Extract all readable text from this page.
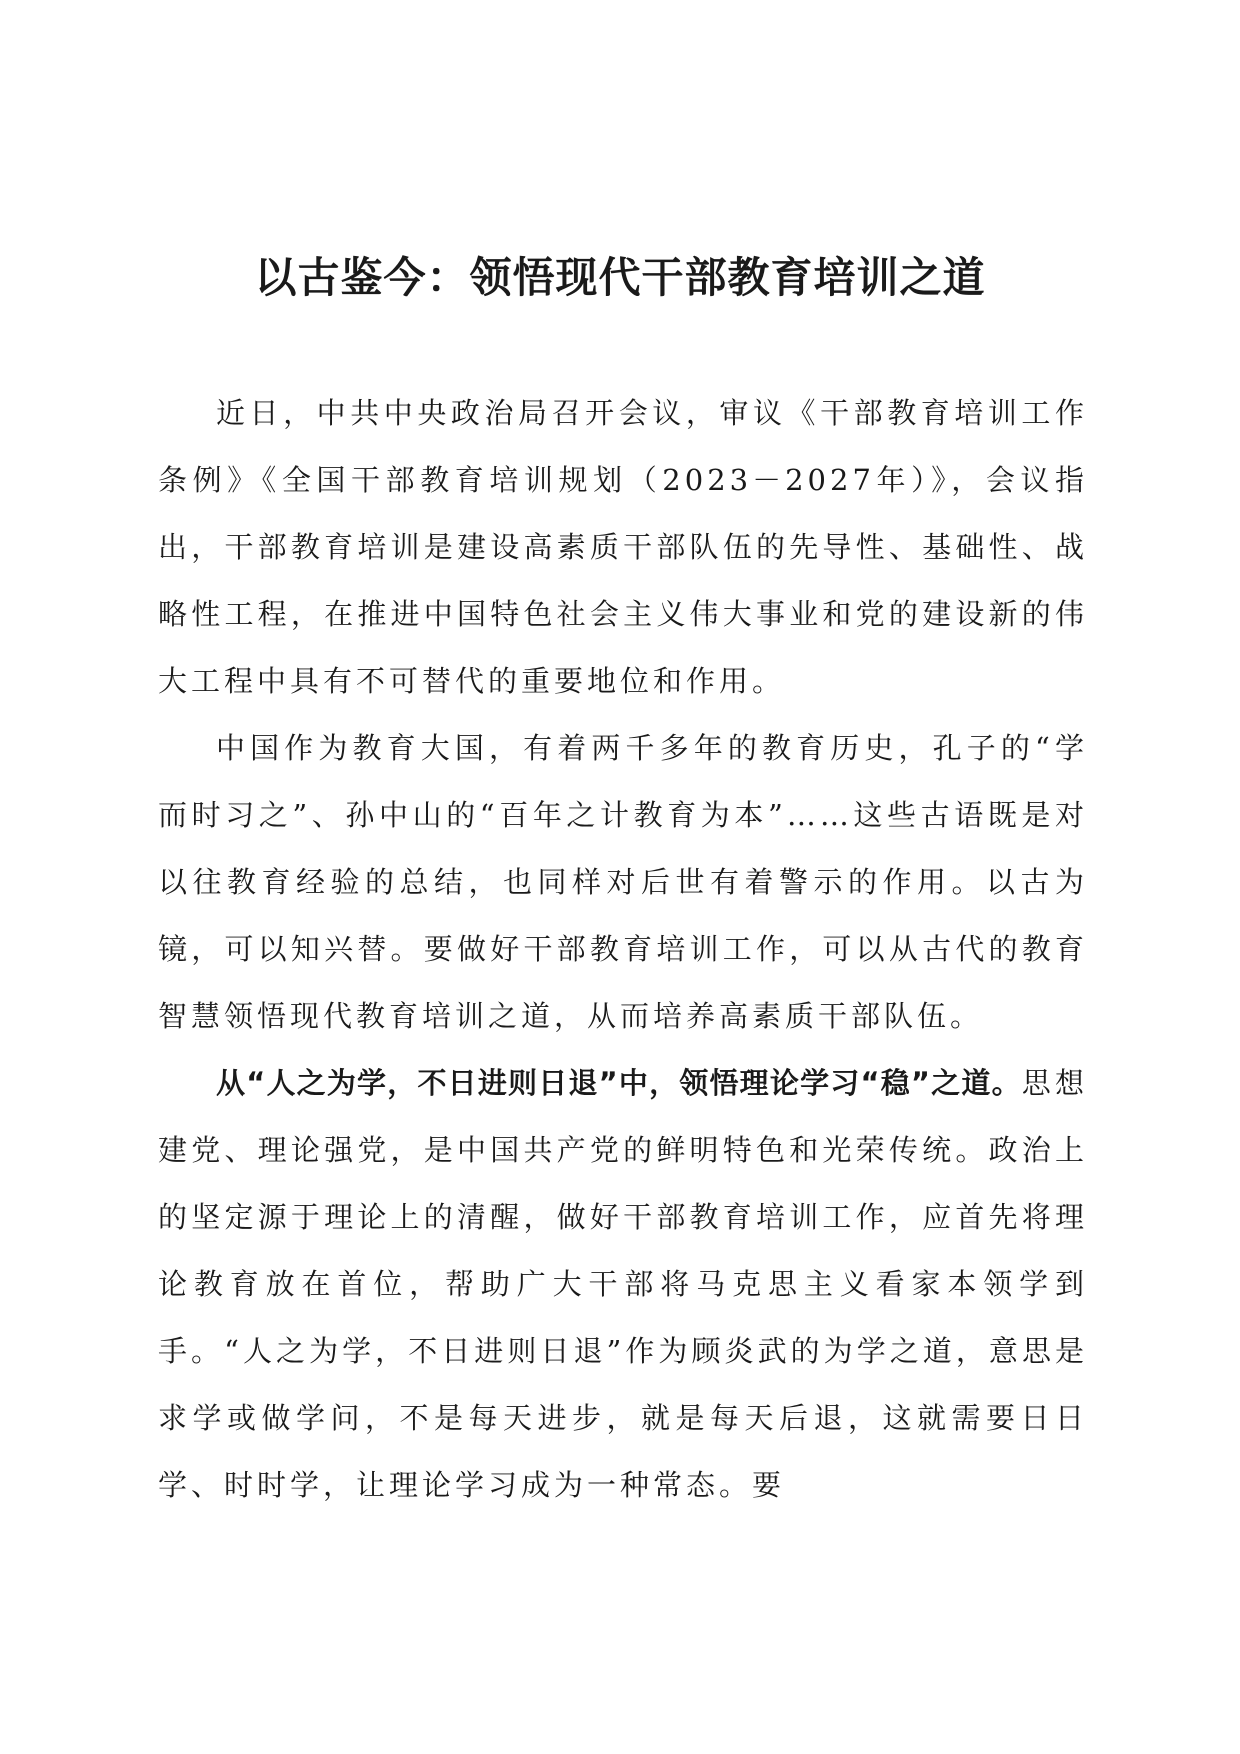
以古鉴今：领悟现代干部教育培训之道

近日，中共中央政治局召开会议，审议《干部教育培训工作条例》《全国干部教育培训规划（2023－2027年）》，会议指出，干部教育培训是建设高素质干部队伍的先导性、基础性、战略性工程，在推进中国特色社会主义伟大事业和党的建设新的伟大工程中具有不可替代的重要地位和作用。

中国作为教育大国，有着两千多年的教育历史，孔子的“学而时习之”、孙中山的“百年之计教育为本”……这些古语既是对以往教育经验的总结，也同样对后世有着警示的作用。以古为镜，可以知兴替。要做好干部教育培训工作，可以从古代的教育智慧领悟现代教育培训之道，从而培养高素质干部队伍。

从“人之为学，不日进则日退”中，领悟理论学习“稳”之道。思想建党、理论强党，是中国共产党的鲜明特色和光荣传统。政治上的坚定源于理论上的清醒，做好干部教育培训工作，应首先将理论教育放在首位，帮助广大干部将马克思主义看家本领学到手。“人之为学，不日进则日退”作为顾炎武的为学之道，意思是求学或做学问，不是每天进步，就是每天后退，这就需要日日学、时时学，让理论学习成为一种常态。要
